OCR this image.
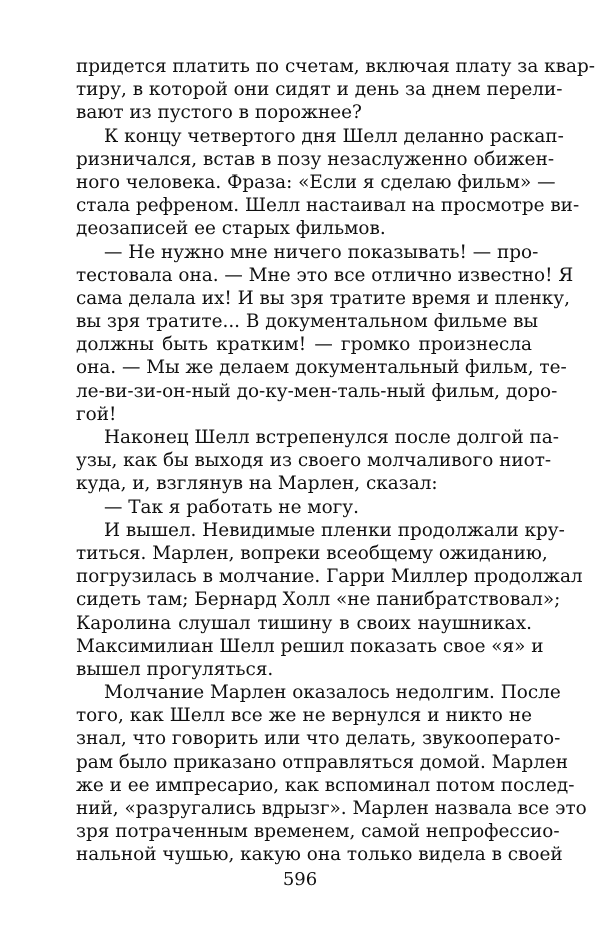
придется платить по счетам, включая плату за квар-
тиру, в которой они сидят и день за днем перели-
вают из пустого в порожнее?
К концу четвертого дня Шелл деланно раскап-
ризничался, встав в позу незаслуженно обижен-
ного человека. Фраза: «Если я сделаю фильм» —
стала рефреном. Шелл настаивал на просмотре ви-
деозаписей ее старых фильмов.
— Не нужно мне ничего показывать! — про-
тестовала она. — Мне это все отлично известно! Я
сама делала их! И вы зря тратите время и пленку,
вы зря тратите... В документальном фильме вы
должны быть кратким! — громко произнесла
она. — Мы же делаем документальный фильм, те-
ле-ви-зи-он-ный до-ку-мен-таль-ный фильм, доро-
гой!
Наконец Шелл встрепенулся после долгой па-
узы, как бы выходя из своего молчаливого ниот-
куда, и, взглянув на Марлен, сказал:
— Так я работать не могу.
И вышел. Невидимые пленки продолжали кру-
титься. Марлен, вопреки всеобщему ожиданию,
погрузилась в молчание. Гарри Миллер продолжал
сидеть там; Бернард Холл «не панибратствовал»;
Каролина слушал тишину в своих наушниках.
Максимилиан Шелл решил показать свое «я» и
вышел прогуляться.
Молчание Марлен оказалось недолгим. После
того, как Шелл все же не вернулся и никто не
знал, что говорить или что делать, звукооперато-
рам было приказано отправляться домой. Марлен
же и ее импресарио, как вспоминал потом послед-
ний, «разругались вдрызг». Марлен назвала все это
зря потраченным временем, самой непрофессио-
нальной чушью, какую она только видела в своей
596
